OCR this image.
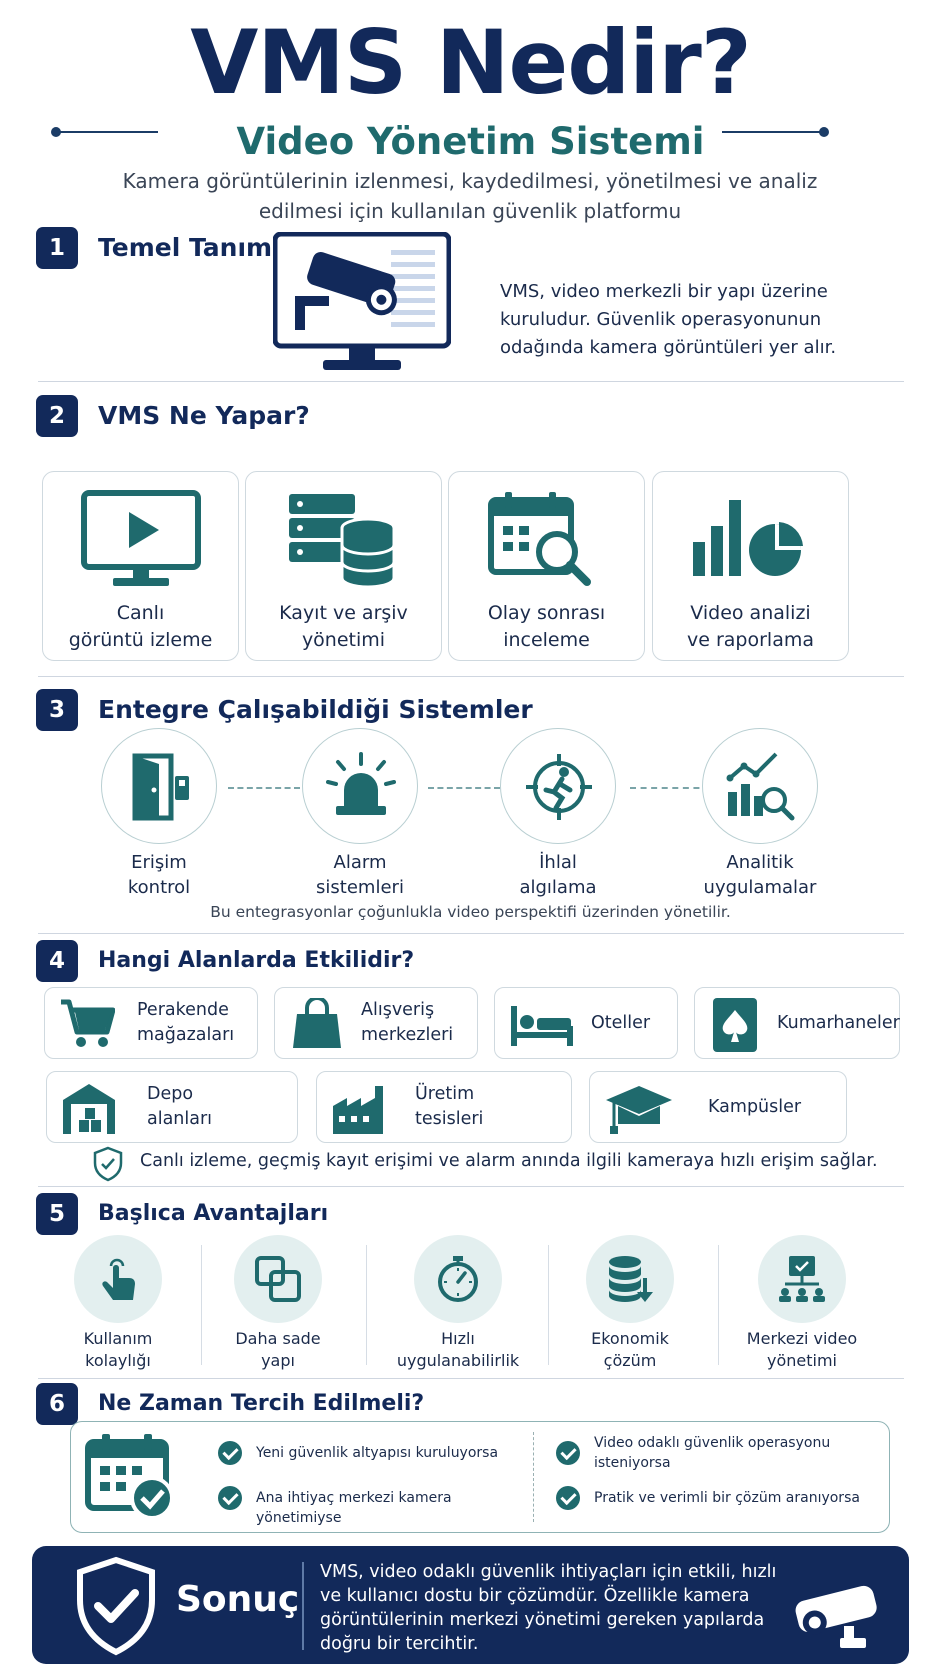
VMS Nedir?
Video Yönetim Sistemi
Kamera görüntülerinin izlenmesi, kaydedilmesi, yönetilmesi ve analiz edilmesi için kullanılan güvenlik platformu
1	Temel Tanım
VMS, video merkezli bir yapı üzerine kuruludur. Güvenlik operasyonunun odağında kamera görüntüleri yer alır.
2	VMS Ne Yapar?
Canlı
görüntü izleme
Kayıt ve arşiv
yönetimi
Olay sonrası
inceleme
Video analizi
ve raporlama
3	Entegre Çalışabildiği Sistemler
Erişim
kontrol
Alarm
sistemleri
İhlal
algılama
Analitik
uygulamalar
Bu entegrasyonlar çoğunlukla video perspektifi üzerinden yönetilir.
4	Hangi Alanlarda Etkilidir?
Perakende
mağazaları
Alışveriş
merkezleri
Oteller	Kumarhaneler
Depo
alanları
Üretim
tesisleri
Kampüsler
Canlı izleme, geçmiş kayıt erişimi ve alarm anında ilgili kameraya hızlı erişim sağlar.
5	Başlıca Avantajları
Kullanım
kolaylığı
Daha sade
yapı
Hızlı
uygulanabilirlik
Ekonomik
çözüm
Merkezi video
yönetimi
6	Ne Zaman Tercih Edilmeli?
Yeni güvenlik altyapısı kuruluyorsa
Ana ihtiyaç merkezi kamera yönetimiyse
Video odaklı güvenlik operasyonu isteniyorsa
Pratik ve verimli bir çözüm aranıyorsa
Sonuç
VMS, video odaklı güvenlik ihtiyaçları için etkili, hızlı ve kullanıcı dostu bir çözümdür. Özellikle kamera görüntülerinin merkezi yönetimi gereken yapılarda doğru bir tercihtir.
